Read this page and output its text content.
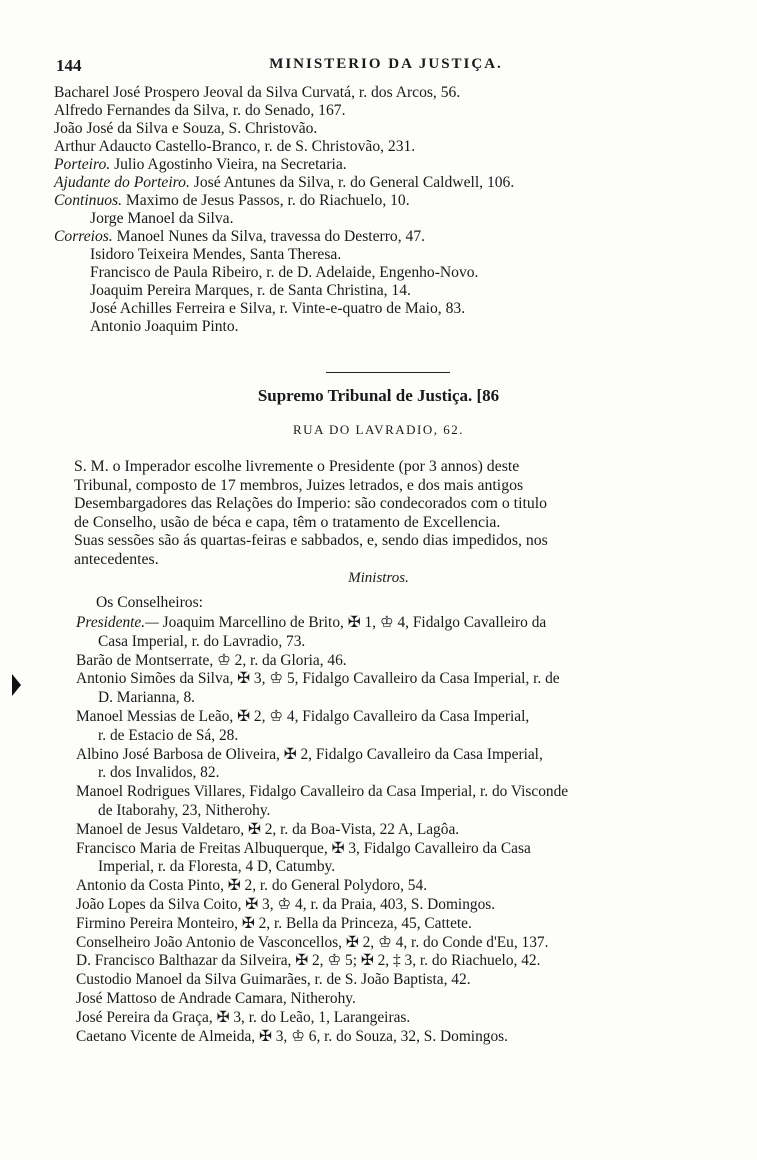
144	MINISTERIO DA JUSTIÇA.
Bacharel José Prospero Jeoval da Silva Curvatá, r. dos Arcos, 56.
Alfredo Fernandes da Silva, r. do Senado, 167.
João José da Silva e Souza, S. Christovão.
Arthur Adaucto Castello-Branco, r. de S. Christovão, 231.
Porteiro. Julio Agostinho Vieira, na Secretaria.
Ajudante do Porteiro. José Antunes da Silva, r. do General Caldwell, 106.
Continuos. Maximo de Jesus Passos, r. do Riachuelo, 10.
Jorge Manoel da Silva.
Correios. Manoel Nunes da Silva, travessa do Desterro, 47.
Isidoro Teixeira Mendes, Santa Theresa.
Francisco de Paula Ribeiro, r. de D. Adelaide, Engenho-Novo.
Joaquim Pereira Marques, r. de Santa Christina, 14.
José Achilles Ferreira e Silva, r. Vinte-e-quatro de Maio, 83.
Antonio Joaquim Pinto.
Supremo Tribunal de Justiça. [86
RUA DO LAVRADIO, 62.
S. M. o Imperador escolhe livremente o Presidente (por 3 annos) deste
Tribunal, composto de 17 membros, Juizes letrados, e dos mais antigos
Desembargadores das Relações do Imperio: são condecorados com o titulo
de Conselho, usão de béca e capa, têm o tratamento de Excellencia.
Suas sessões são ás quartas-feiras e sabbados, e, sendo dias impedidos, nos
antecedentes.
Ministros.
Os Conselheiros:
Presidente.— Joaquim Marcellino de Brito, ✠ 1, ♔ 4, Fidalgo Cavalleiro da
Casa Imperial, r. do Lavradio, 73.
Barão de Montserrate, ♔ 2, r. da Gloria, 46.
Antonio Simões da Silva, ✠ 3, ♔ 5, Fidalgo Cavalleiro da Casa Imperial, r. de
D. Marianna, 8.
Manoel Messias de Leão, ✠ 2, ♔ 4, Fidalgo Cavalleiro da Casa Imperial,
r. de Estacio de Sá, 28.
Albino José Barbosa de Oliveira, ✠ 2, Fidalgo Cavalleiro da Casa Imperial,
r. dos Invalidos, 82.
Manoel Rodrigues Villares, Fidalgo Cavalleiro da Casa Imperial, r. do Visconde
de Itaborahy, 23, Nitherohy.
Manoel de Jesus Valdetaro, ✠ 2, r. da Boa-Vista, 22 A, Lagôa.
Francisco Maria de Freitas Albuquerque, ✠ 3, Fidalgo Cavalleiro da Casa
Imperial, r. da Floresta, 4 D, Catumby.
Antonio da Costa Pinto, ✠ 2, r. do General Polydoro, 54.
João Lopes da Silva Coito, ✠ 3, ♔ 4, r. da Praia, 403, S. Domingos.
Firmino Pereira Monteiro, ✠ 2, r. Bella da Princeza, 45, Cattete.
Conselheiro João Antonio de Vasconcellos, ✠ 2, ♔ 4, r. do Conde d'Eu, 137.
D. Francisco Balthazar da Silveira, ✠ 2, ♔ 5; ✠ 2, ‡ 3, r. do Riachuelo, 42.
Custodio Manoel da Silva Guimarães, r. de S. João Baptista, 42.
José Mattoso de Andrade Camara, Nitherohy.
José Pereira da Graça, ✠ 3, r. do Leão, 1, Larangeiras.
Caetano Vicente de Almeida, ✠ 3, ♔ 6, r. do Souza, 32, S. Domingos.
